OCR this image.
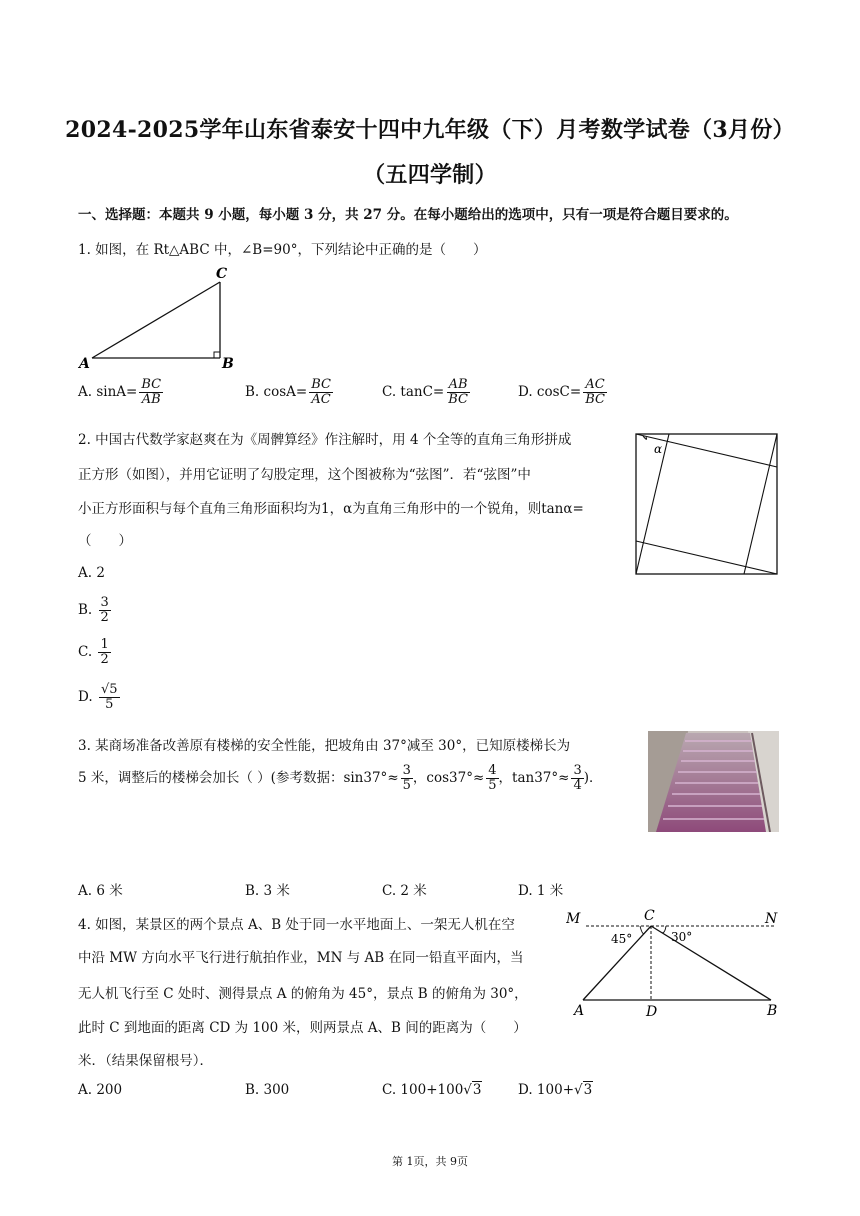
2024-2025学年山东省泰安十四中九年级（下）月考数学试卷（3月份）
（五四学制）
一、选择题：本题共 9 小题，每小题 3 分，共 27 分。在每小题给出的选项中，只有一项是符合题目要求的。
1. 如图，在 Rt△ABC 中，∠B=90°，下列结论中正确的是（　　）
A	B
C
A. $\sin A= \frac{BC}{AB}$	B. $\cos A= \frac{BC}{AC}$	C. $\tan C= \frac{AB}{BC}$	D. $\cos C= \frac{AC}{BC}$
2. 中国古代数学家赵爽在为《周髀算经》作注解时，用 4 个全等的直角三角形拼成
正方形（如图），并用它证明了勾股定理，这个图被称为“弦图”．若“弦图”中
小正方形面积与每个直角三角形面积均为1，α为直角三角形中的一个锐角，则tanα=
（　　）
α
A. 2
B. $\frac{3}{2}$
C. $\frac{1}{2}$
D. $\frac{√5}{5}$
3. 某商场准备改善原有楼梯的安全性能，把坡角由 37°减至 30°，已知原楼梯长为
5 米，调整后的楼梯会加长（ ）(参考数据：$\sin 37^\circ\approx \frac{3}{5}$ ，$\cos 37^\circ\approx \frac{4}{5}$ ，$\tan 37^\circ\approx \frac{3}{4}$ )．
A. 6 米	B. 3 米	C. 2 米	D. 1 米
4. 如图，某景区的两个景点 A、B 处于同一水平地面上、一架无人机在空
中沿 MW 方向水平飞行进行航拍作业，MN 与 AB 在同一铅直平面内，当
无人机飞行至 C 处时、测得景点 A 的俯角为 45°，景点 B 的俯角为 30°，
此时 C 到地面的距离 CD 为 100 米，则两景点 A、B 间的距离为（　　）
米．（结果保留根号）．
M	C	N
45°	30°
A	D	B
A. 200	B. 300	C. 100+100√3	D. 100+√3
第 1页，共 9页
